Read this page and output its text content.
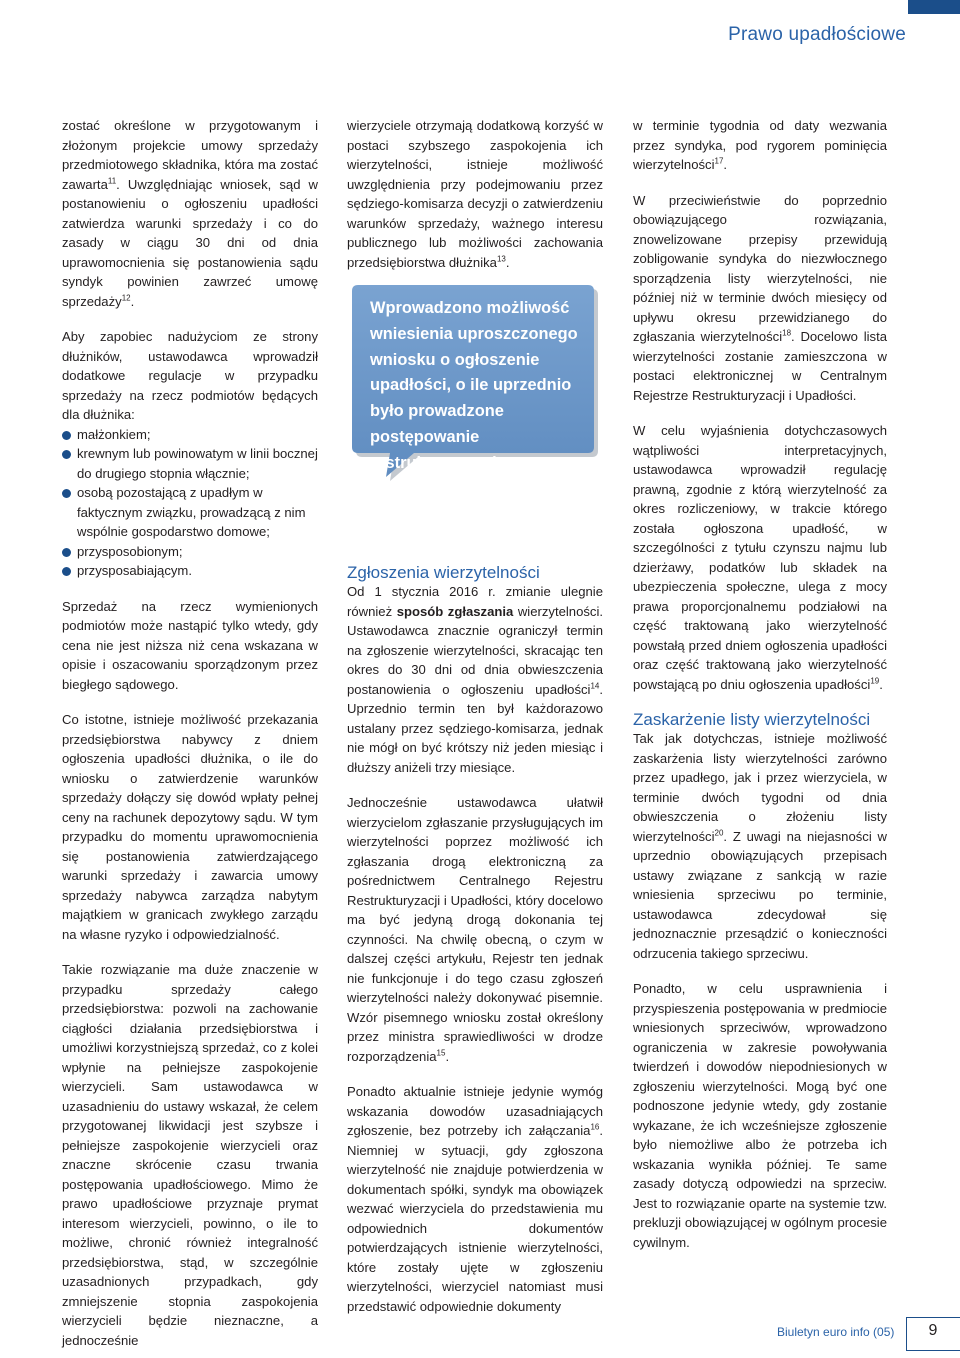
Prawo upadłościowe

zostać określone w przygotowanym i złożonym projekcie umowy sprzedaży przedmiotowego składnika, która ma zostać zawarta$^{11}$. Uwzględniając wniosek, sąd w postanowieniu o ogłoszeniu upadłości zatwierdza warunki sprzedaży i co do zasady w ciągu 30 dni od dnia uprawomocnienia się postanowienia sądu syndyk powinien zawrzeć umowę sprzedaży$^{12}$.

Aby zapobiec nadużyciom ze strony dłużników, ustawodawca wprowadził dodatkowe regulacje w przypadku sprzedaży na rzecz podmiotów będących dla dłużnika:

małżonkiem;
krewnym lub powinowatym w linii bocznej do drugiego stopnia włącznie;
osobą pozostającą z upadłym w faktycznym związku, prowadzącą z nim wspólnie gospodarstwo domowe;
przysposobionym;
przysposabiającym.

Sprzedaż na rzecz wymienionych podmiotów może nastąpić tylko wtedy, gdy cena nie jest niższa niż cena wskazana w opisie i oszacowaniu sporządzonym przez biegłego sądowego.

Co istotne, istnieje możliwość przekazania przedsiębiorstwa nabywcy z dniem ogłoszenia upadłości dłużnika, o ile do wniosku o zatwierdzenie warunków sprzedaży dołączy się dowód wpłaty pełnej ceny na rachunek depozytowy sądu. W tym przypadku do momentu uprawomocnienia się postanowienia zatwierdzającego warunki sprzedaży i zawarcia umowy sprzedaży nabywca zarządza nabytym majątkiem w granicach zwykłego zarządu na własne ryzyko i odpowiedzialność.

Takie rozwiązanie ma duże znaczenie w przypadku sprzedaży całego przedsiębiorstwa: pozwoli na zachowanie ciągłości działania przedsiębiorstwa i umożliwi korzystniejszą sprzedaż, co z kolei wpłynie na pełniejsze zaspokojenie wierzycieli. Sam ustawodawca w uzasadnieniu do ustawy wskazał, że celem przygotowanej likwidacji jest szybsze i pełniejsze zaspokojenie wierzycieli oraz znaczne skrócenie czasu trwania postępowania upadłościowego. Mimo że prawo upadłościowe przyznaje prymat interesom wierzycieli, powinno, o ile to możliwe, chronić również integralność przedsiębiorstwa, stąd, w szczególnie uzasadnionych przypadkach, gdy zmniejszenie stopnia zaspokojenia wierzycieli będzie nieznaczne, a jednocześnie

wierzyciele otrzymają dodatkową korzyść w postaci szybszego zaspokojenia ich wierzytelności, istnieje możliwość uwzględnienia przy podejmowaniu przez sędziego-komisarza decyzji o zatwierdzeniu warunków sprzedaży, ważnego interesu publicznego lub możliwości zachowania przedsiębiorstwa dłużnika$^{13}$.

Wprowadzono możliwość wniesienia uproszczonego wniosku o ogłoszenie upadłości, o ile uprzednio było prowadzone postępowanie restrukturyzacyjne.
Zgłoszenia wierzytelności

Od 1 stycznia 2016 r. zmianie ulegnie również sposób zgłaszania wierzytelności. Ustawodawca znacznie ograniczył termin na zgłoszenie wierzytelności, skracając ten okres do 30 dni od dnia obwieszczenia postanowienia o ogłoszeniu upadłości$^{14}$. Uprzednio termin ten był każdorazowo ustalany przez sędziego-komisarza, jednak nie mógł on być krótszy niż jeden miesiąc i dłuższy aniżeli trzy miesiące.

Jednocześnie ustawodawca ułatwił wierzycielom zgłaszanie przysługujących im wierzytelności poprzez możliwość ich zgłaszania drogą elektroniczną za pośrednictwem Centralnego Rejestru Restrukturyzacji i Upadłości, który docelowo ma być jedyną drogą dokonania tej czynności. Na chwilę obecną, o czym w dalszej części artykułu, Rejestr ten jednak nie funkcjonuje i do tego czasu zgłoszeń wierzytelności należy dokonywać pisemnie. Wzór pisemnego wniosku został określony przez ministra sprawiedliwości w drodze rozporządzenia$^{15}$.

Ponadto aktualnie istnieje jedynie wymóg wskazania dowodów uzasadniających zgłoszenie, bez potrzeby ich załączania$^{16}$. Niemniej w sytuacji, gdy zgłoszona wierzytelność nie znajduje potwierdzenia w dokumentach spółki, syndyk ma obowiązek wezwać wierzyciela do przedstawienia mu odpowiednich dokumentów potwierdzających istnienie wierzytelności, które zostały ujęte w zgłoszeniu wierzytelności, wierzyciel natomiast musi przedstawić odpowiednie dokumenty

w terminie tygodnia od daty wezwania przez syndyka, pod rygorem pominięcia wierzytelności$^{17}$.

W przeciwieństwie do poprzednio obowiązującego rozwiązania, znowelizowane przepisy przewidują zobligowanie syndyka do niezwłocznego sporządzenia listy wierzytelności, nie później niż w terminie dwóch miesięcy od upływu okresu przewidzianego do zgłaszania wierzytelności$^{18}$. Docelowo lista wierzytelności zostanie zamieszczona w postaci elektronicznej w Centralnym Rejestrze Restrukturyzacji i Upadłości.

W celu wyjaśnienia dotychczasowych wątpliwości interpretacyjnych, ustawodawca wprowadził regulację prawną, zgodnie z którą wierzytelność za okres rozliczeniowy, w trakcie którego została ogłoszona upadłość, w szczególności z tytułu czynszu najmu lub dzierżawy, podatków lub składek na ubezpieczenia społeczne, ulega z mocy prawa proporcjonalnemu podziałowi na część traktowaną jako wierzytelność powstałą przed dniem ogłoszenia upadłości oraz część traktowaną jako wierzytelność powstającą po dniu ogłoszenia upadłości$^{19}$.

Zaskarżenie listy wierzytelności

Tak jak dotychczas, istnieje możliwość zaskarżenia listy wierzytelności zarówno przez upadłego, jak i przez wierzyciela, w terminie dwóch tygodni od dnia obwieszczenia o złożeniu listy wierzytelności$^{20}$. Z uwagi na niejasności w uprzednio obowiązujących przepisach ustawy związane z sankcją w razie wniesienia sprzeciwu po terminie, ustawodawca zdecydował się jednoznacznie przesądzić o konieczności odrzucenia takiego sprzeciwu.

Ponadto, w celu usprawnienia i przyspieszenia postępowania w predmiocie wniesionych sprzeciwów, wprowadzono ograniczenia w zakresie powoływania twierdzeń i dowodów niepodniesionych w zgłoszeniu wierzytelności. Mogą być one podnoszone jedynie wtedy, gdy zostanie wykazane, że ich wcześniejsze zgłoszenie było niemożliwe albo że potrzeba ich wskazania wynikła później. Te same zasady dotyczą odpowiedzi na sprzeciw. Jest to rozwiązanie oparte na systemie tzw. prekluzji obowiązującej w ogólnym procesie cywilnym.

Biuletyn euro info (05)	9
